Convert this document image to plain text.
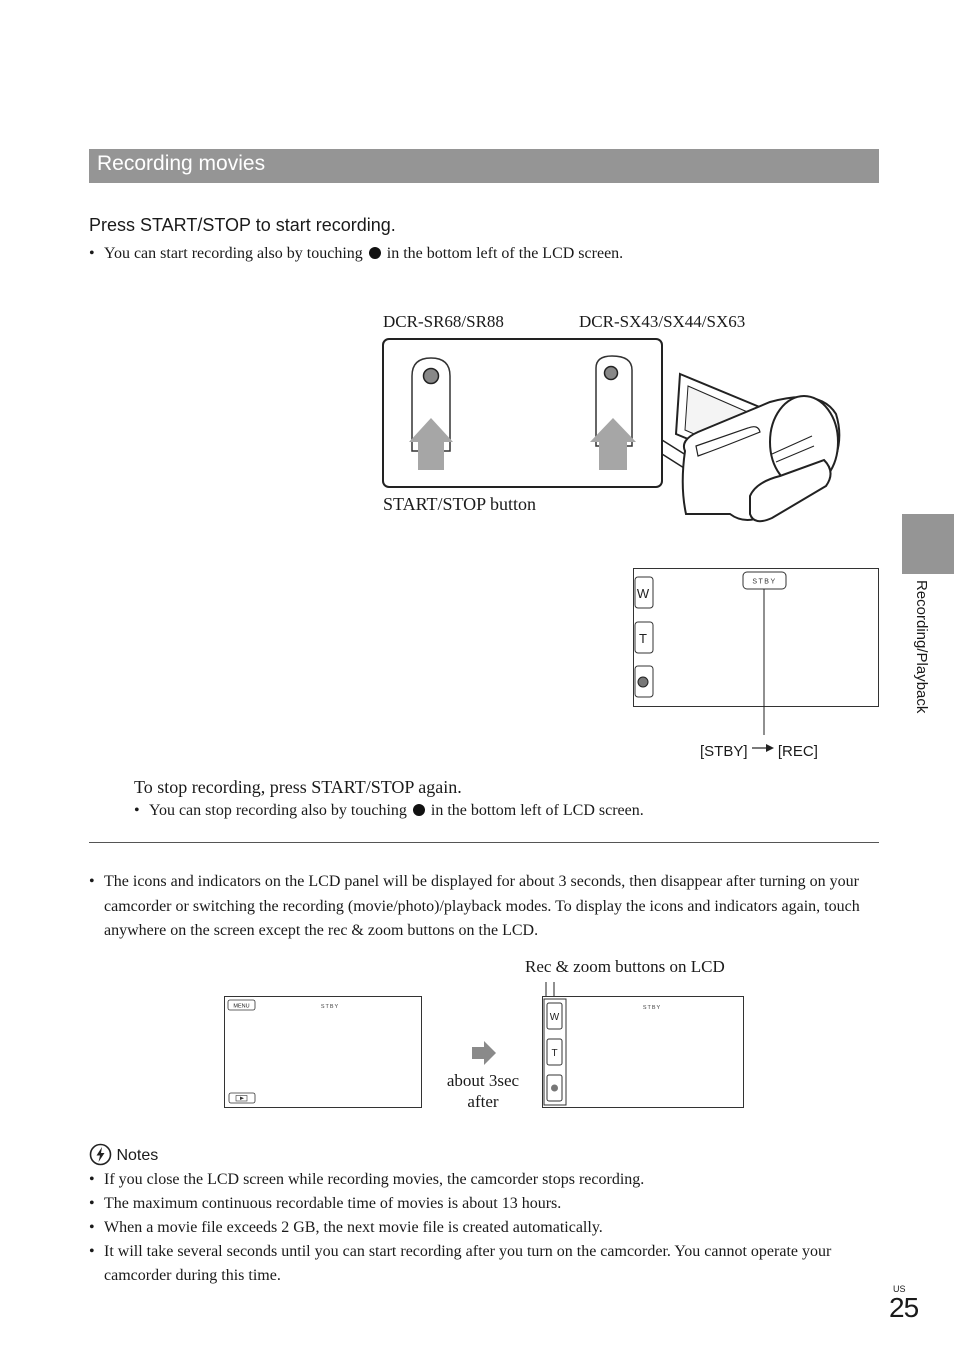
Recording movies
Press START/STOP to start recording.
• You can start recording also by touching in the bottom left of the LCD screen.
DCR-SR68/SR88	DCR-SX43/SX44/SX63
START/STOP button
STBY
W
T
[STBY] [REC]
To stop recording, press START/STOP again.
• You can stop recording also by touching in the bottom left of LCD screen.
• The icons and indicators on the LCD panel will be displayed for about 3 seconds, then disappear after turning on your camcorder or switching the recording (movie/photo)/playback modes. To display the icons and indicators again, touch anywhere on the screen except the rec & zoom buttons on the LCD.
Rec & zoom buttons on LCD
MENU	STBY
about 3sec
after
W
T
STBY
Notes
• If you close the LCD screen while recording movies, the camcorder stops recording.
• The maximum continuous recordable time of movies is about 13 hours.
• When a movie file exceeds 2 GB, the next movie file is created automatically.
• It will take several seconds until you can start recording after you turn on the camcorder. You cannot operate your camcorder during this time.
Recording/Playback
US
25
